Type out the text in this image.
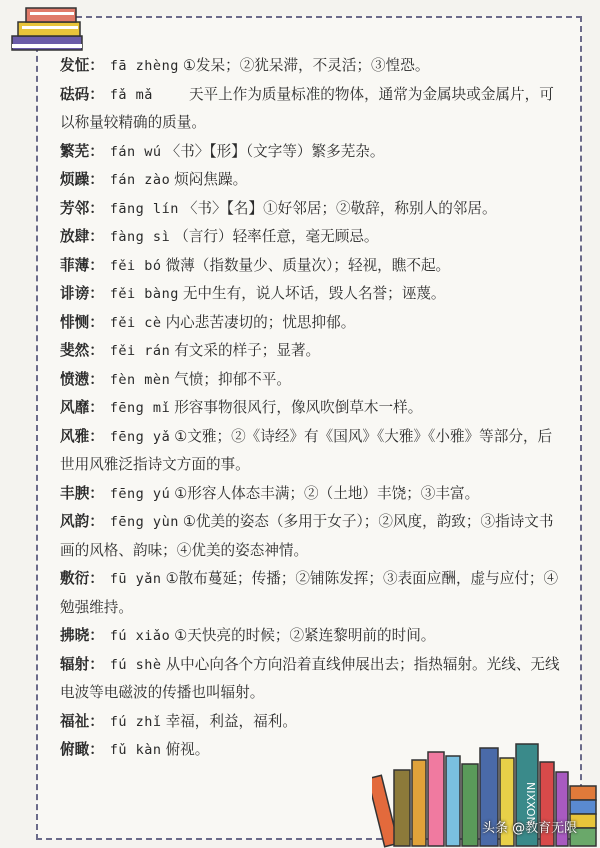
发怔： fā zhèng ①发呆；②犹呆滞，不灵活；③惶恐。

砝码： fǎ mǎ 天平上作为质量标准的物体，通常为金属块或金属片，可以称量较精确的质量。

繁芜： fán wú 〈书〉【形】（文字等）繁多芜杂。

烦躁： fán zào 烦闷焦躁。

芳邻： fāng lín 〈书〉【名】①好邻居；②敬辞，称别人的邻居。

放肆： fàng sì （言行）轻率任意，毫无顾忌。

菲薄： fěi bó 微薄（指数量少、质量次）；轻视，瞧不起。

诽谤： fěi bàng 无中生有，说人坏话，毁人名誉；诬蔑。

悱恻： fěi cè 内心悲苦凄切的；忧思抑郁。

斐然： fěi rán 有文采的样子；显著。

愤懑： fèn mèn 气愤；抑郁不平。

风靡： fēng mǐ 形容事物很风行，像风吹倒草木一样。

风雅： fēng yǎ ①文雅；②《诗经》有《国风》《大雅》《小雅》等部分，后世用风雅泛指诗文方面的事。

丰腴： fēng yú ①形容人体态丰满；②（土地）丰饶；③丰富。

风韵： fēng yùn ①优美的姿态（多用于女子）；②风度，韵致；③指诗文书画的风格、韵味；④优美的姿态神情。

敷衍： fū yǎn ①散布蔓延；传播；②铺陈发挥；③表面应酬，虚与应付；④勉强维持。

拂晓： fú xiǎo ①天快亮的时候；②紧连黎明前的时间。

辐射： fú shè 从中心向各个方向沿着直线伸展出去；指热辐射。光线、无线电波等电磁波的传播也叫辐射。

福祉： fú zhǐ 幸福，利益，福利。

俯瞰： fǔ kàn 俯视。

NIXXON
头条 @教育无限
